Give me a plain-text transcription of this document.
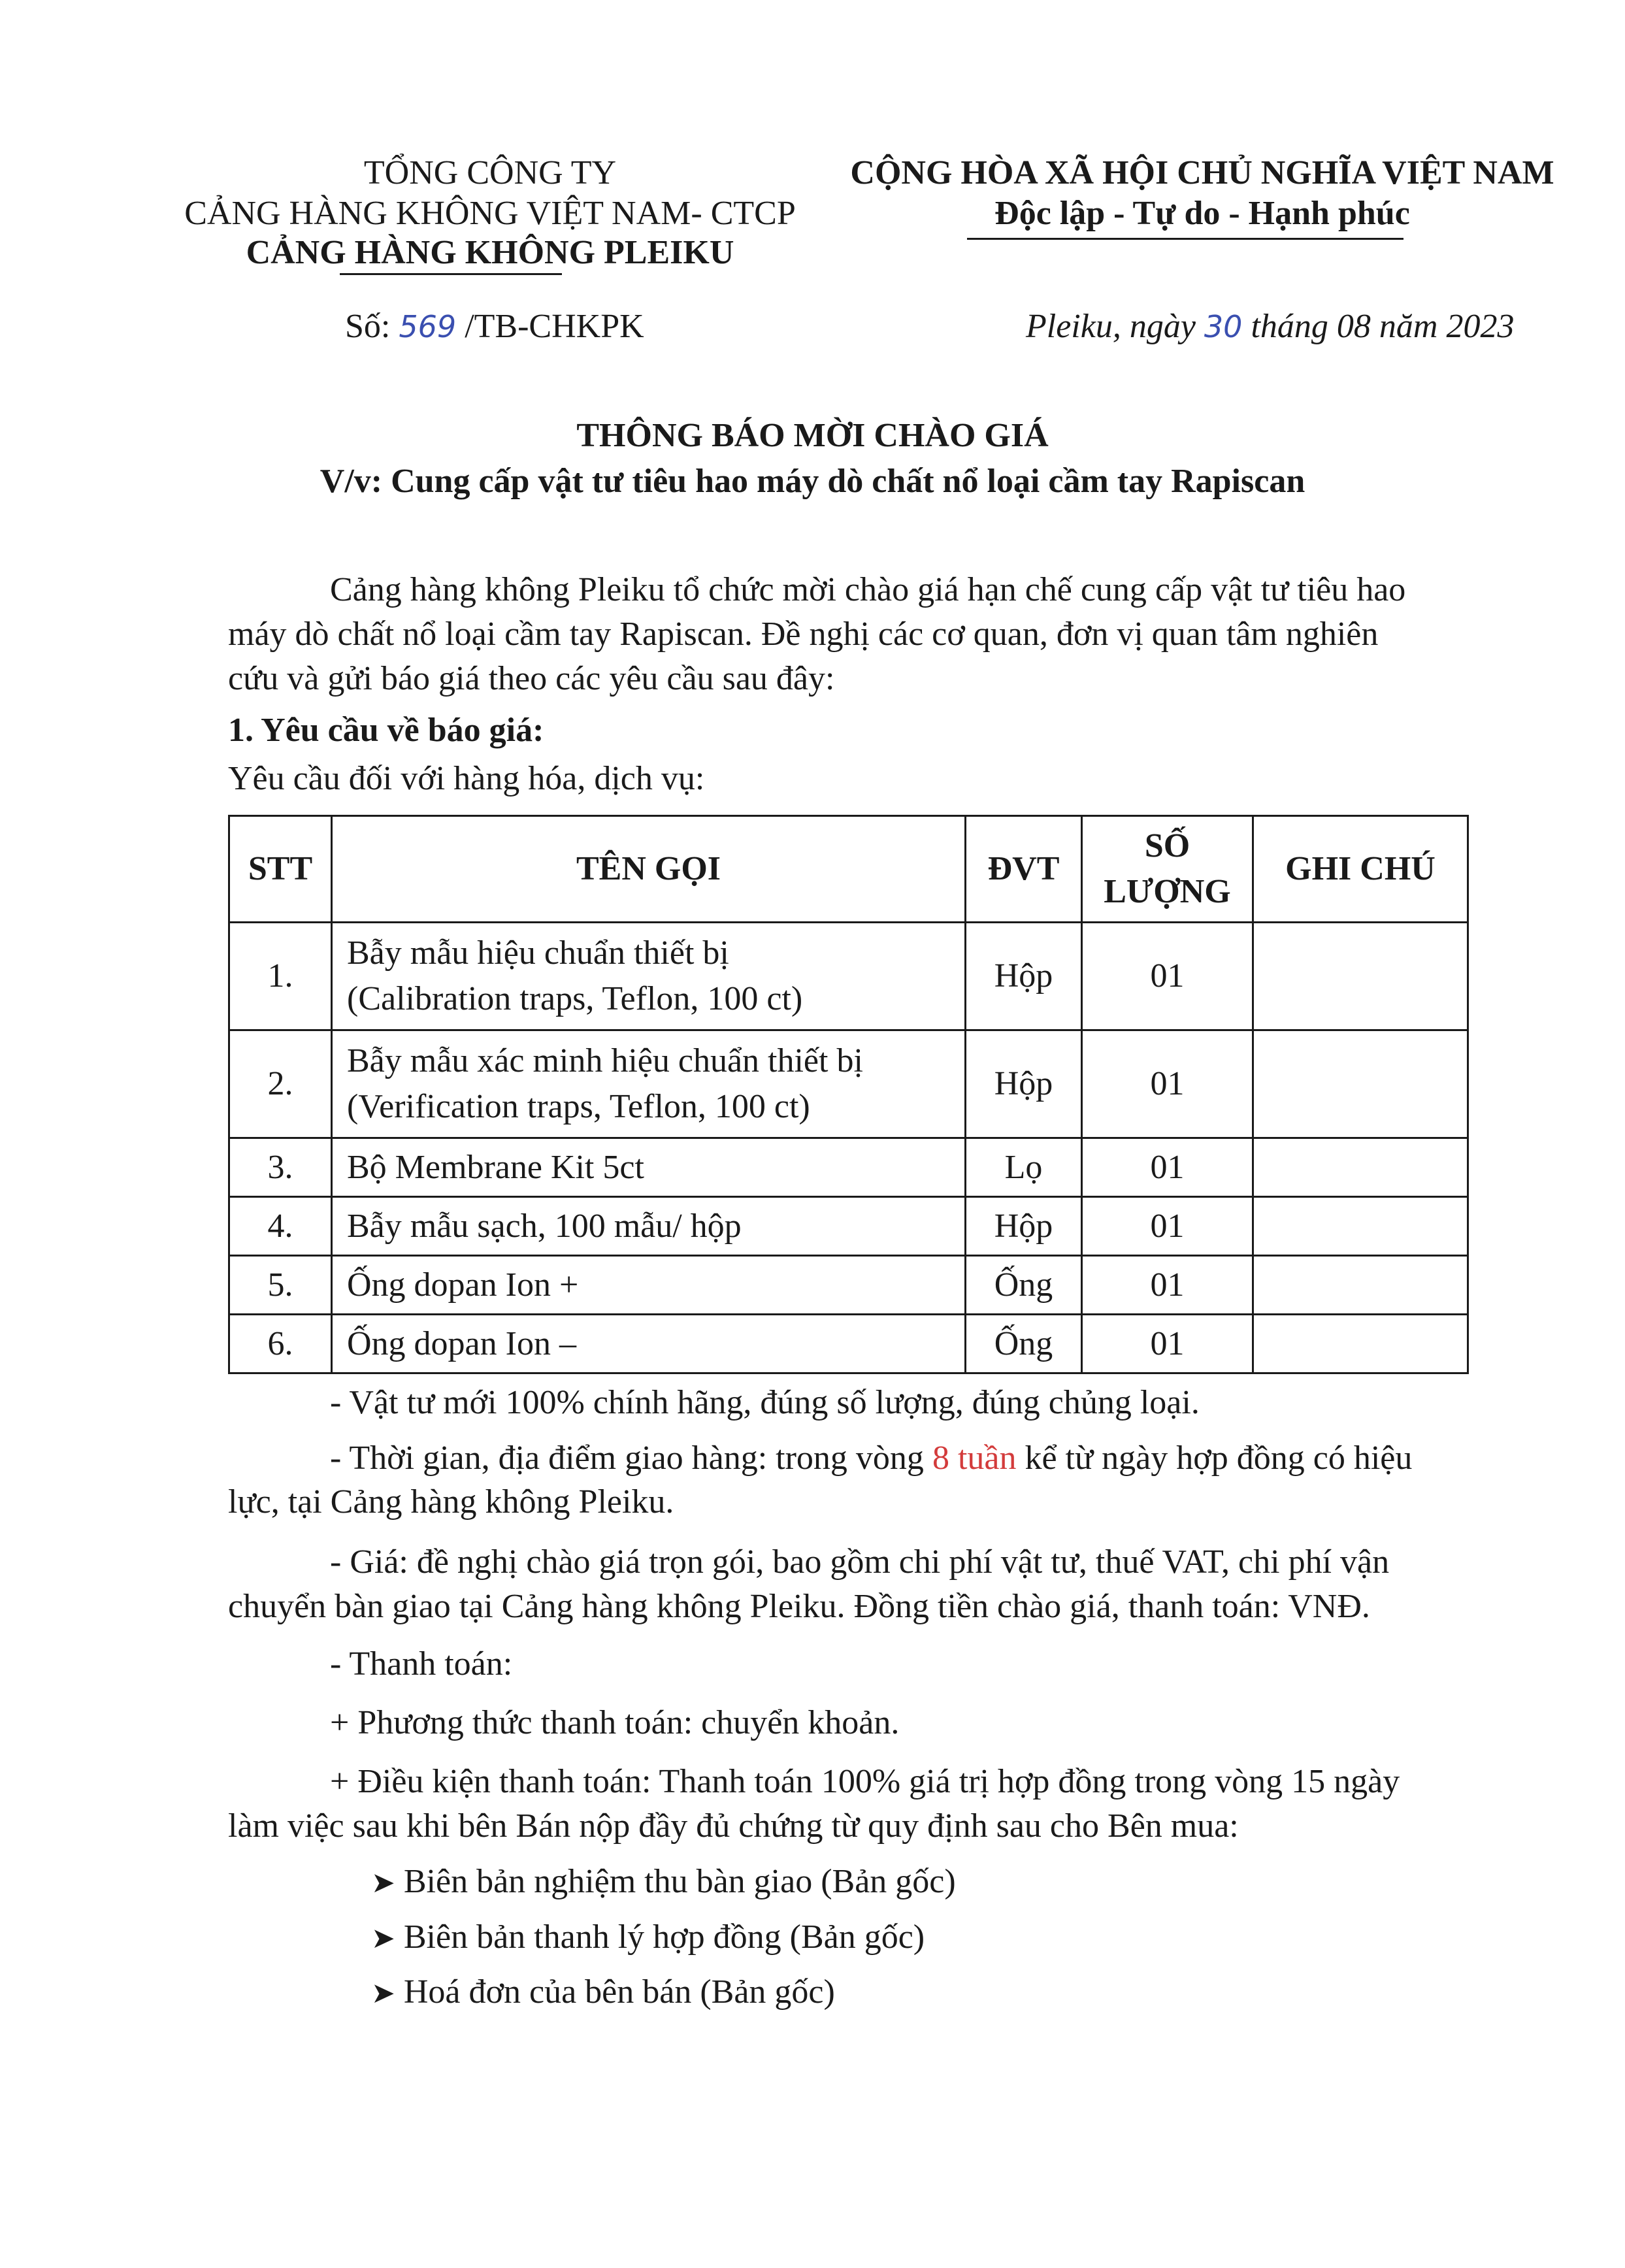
TỔNG CÔNG TY
CẢNG HÀNG KHÔNG VIỆT NAM- CTCP
CẢNG HÀNG KHÔNG PLEIKU
Số: 569 /TB-CHKPK
CỘNG HÒA XÃ HỘI CHỦ NGHĨA VIỆT NAM
Độc lập - Tự do - Hạnh phúc
Pleiku, ngày 30 tháng 08 năm 2023
THÔNG BÁO MỜI CHÀO GIÁ
V/v: Cung cấp vật tư tiêu hao máy dò chất nổ loại cầm tay Rapiscan
Cảng hàng không Pleiku tổ chức mời chào giá hạn chế cung cấp vật tư tiêu hao
máy dò chất nổ loại cầm tay Rapiscan. Đề nghị các cơ quan, đơn vị quan tâm nghiên
cứu và gửi báo giá theo các yêu cầu sau đây:
1. Yêu cầu về báo giá:
Yêu cầu đối với hàng hóa, dịch vụ:
STT	TÊN GỌI	ĐVT	SỐ
LƯỢNG	GHI CHÚ
1.	Bẫy mẫu hiệu chuẩn thiết bị
(Calibration traps, Teflon, 100 ct)	Hộp	01	
2.	Bẫy mẫu xác minh hiệu chuẩn thiết bị
(Verification traps, Teflon, 100 ct)	Hộp	01	
3.	Bộ Membrane Kit 5ct	Lọ	01	
4.	Bẫy mẫu sạch, 100 mẫu/ hộp	Hộp	01	
5.	Ống dopan Ion +	Ống	01	
6.	Ống dopan Ion –	Ống	01	
- Vật tư mới 100% chính hãng, đúng số lượng, đúng chủng loại.
- Thời gian, địa điểm giao hàng: trong vòng 8 tuần kể từ ngày hợp đồng có hiệu
lực, tại Cảng hàng không Pleiku.
- Giá: đề nghị chào giá trọn gói, bao gồm chi phí vật tư, thuế VAT, chi phí vận
chuyển bàn giao tại Cảng hàng không Pleiku. Đồng tiền chào giá, thanh toán: VNĐ.
- Thanh toán:
+ Phương thức thanh toán: chuyển khoản.
+ Điều kiện thanh toán: Thanh toán 100% giá trị hợp đồng trong vòng 15 ngày
làm việc sau khi bên Bán nộp đầy đủ chứng từ quy định sau cho Bên mua:
➤ Biên bản nghiệm thu bàn giao (Bản gốc)
➤ Biên bản thanh lý hợp đồng (Bản gốc)
➤ Hoá đơn của bên bán (Bản gốc)
